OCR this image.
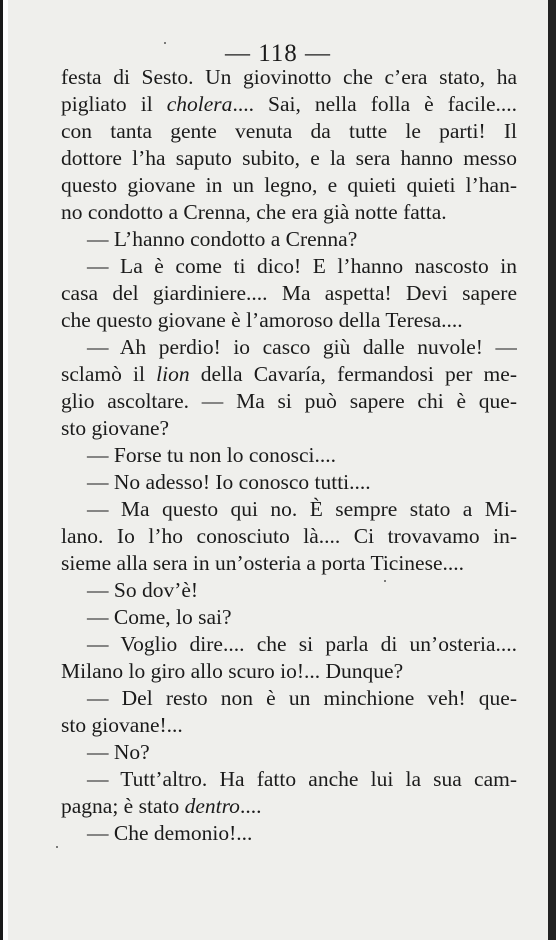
— 118 —
festa di Sesto. Un giovinotto che c’era stato, ha
pigliato il cholera.... Sai, nella folla è facile....
con tanta gente venuta da tutte le parti! Il
dottore l’ha saputo subito, e la sera hanno messo
questo giovane in un legno, e quieti quieti l’han-
no condotto a Crenna, che era già notte fatta.
— L’hanno condotto a Crenna?
— La è come ti dico! E l’hanno nascosto in
casa del giardiniere.... Ma aspetta! Devi sapere
che questo giovane è l’amoroso della Teresa....
— Ah perdio! io casco giù dalle nuvole! —
sclamò il lion della Cavaría, fermandosi per me-
glio ascoltare. — Ma si può sapere chi è que-
sto giovane?
— Forse tu non lo conosci....
— No adesso! Io conosco tutti....
— Ma questo qui no. È sempre stato a Mi-
lano. Io l’ho conosciuto là.... Ci trovavamo in-
sieme alla sera in un’osteria a porta Ticinese....
— So dov’è!
— Come, lo sai?
— Voglio dire.... che si parla di un’osteria....
Milano lo giro allo scuro io!... Dunque?
— Del resto non è un minchione veh! que-
sto giovane!...
— No?
— Tutt’altro. Ha fatto anche lui la sua cam-
pagna; è stato dentro....
— Che demonio!...
